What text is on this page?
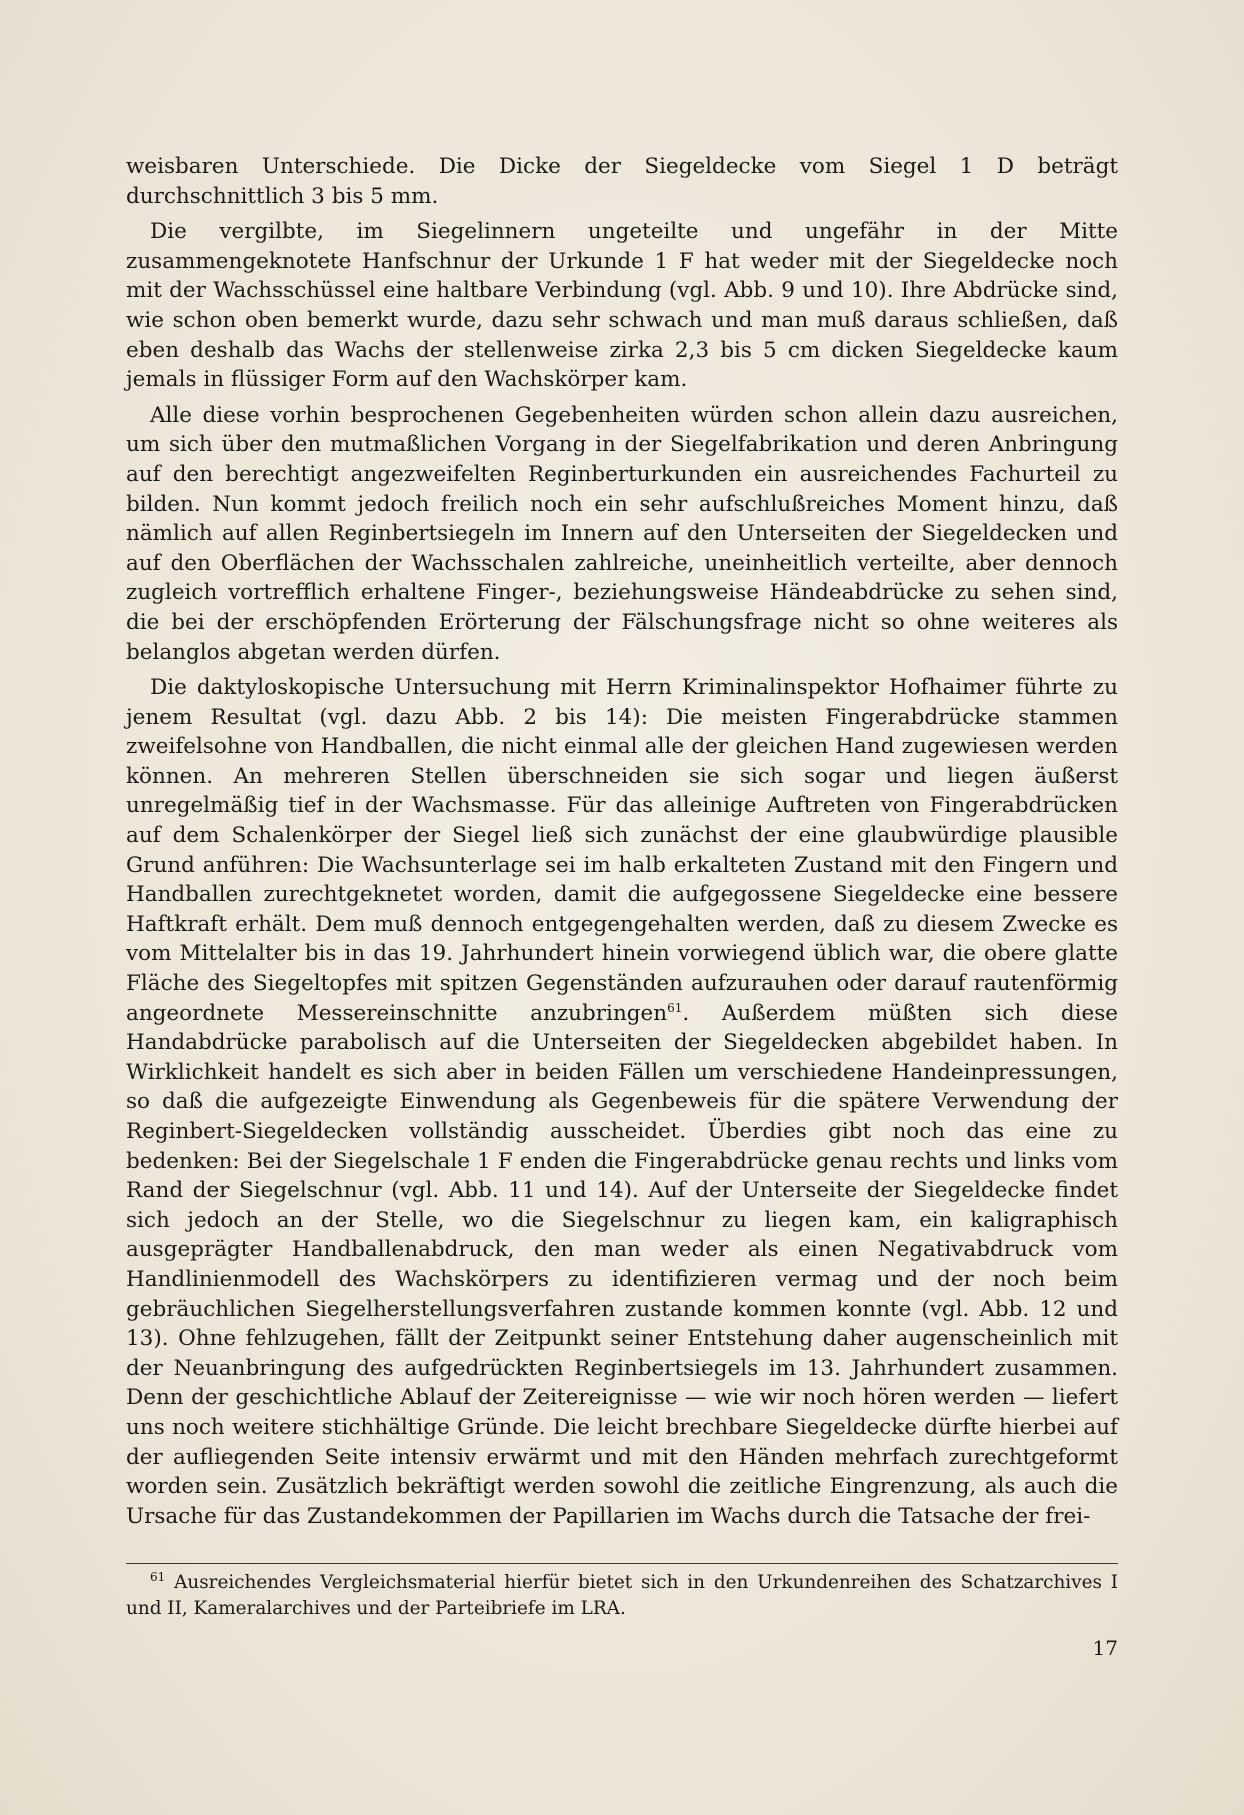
weisbaren Unterschiede. Die Dicke der Siegeldecke vom Siegel 1 D beträgt durchschnittlich 3 bis 5 mm.

Die vergilbte, im Siegelinnern ungeteilte und ungefähr in der Mitte zusammengeknotete Hanfschnur der Urkunde 1 F hat weder mit der Siegeldecke noch mit der Wachsschüssel eine haltbare Verbindung (vgl. Abb. 9 und 10). Ihre Abdrücke sind, wie schon oben bemerkt wurde, dazu sehr schwach und man muß daraus schließen, daß eben deshalb das Wachs der stellenweise zirka 2,3 bis 5 cm dicken Siegeldecke kaum jemals in flüssiger Form auf den Wachskörper kam.

Alle diese vorhin besprochenen Gegebenheiten würden schon allein dazu ausreichen, um sich über den mutmaßlichen Vorgang in der Siegelfabrikation und deren Anbringung auf den berechtigt angezweifelten Reginberturkunden ein ausreichendes Fachurteil zu bilden. Nun kommt jedoch freilich noch ein sehr aufschlußreiches Moment hinzu, daß nämlich auf allen Reginbertsiegeln im Innern auf den Unterseiten der Siegeldecken und auf den Oberflächen der Wachsschalen zahlreiche, uneinheitlich verteilte, aber dennoch zugleich vortrefflich erhaltene Finger-, beziehungsweise Händeabdrücke zu sehen sind, die bei der erschöpfenden Erörterung der Fälschungsfrage nicht so ohne weiteres als belanglos abgetan werden dürfen.

Die daktyloskopische Untersuchung mit Herrn Kriminalinspektor Hofhaimer führte zu jenem Resultat (vgl. dazu Abb. 2 bis 14): Die meisten Fingerabdrücke stammen zweifelsohne von Handballen, die nicht einmal alle der gleichen Hand zugewiesen werden können. An mehreren Stellen überschneiden sie sich sogar und liegen äußerst unregelmäßig tief in der Wachsmasse. Für das alleinige Auftreten von Fingerabdrücken auf dem Schalenkörper der Siegel ließ sich zunächst der eine glaubwürdige plausible Grund anführen: Die Wachsunterlage sei im halb erkalteten Zustand mit den Fingern und Handballen zurechtgeknetet worden, damit die aufgegossene Siegeldecke eine bessere Haftkraft erhält. Dem muß dennoch entgegengehalten werden, daß zu diesem Zwecke es vom Mittelalter bis in das 19. Jahrhundert hinein vorwiegend üblich war, die obere glatte Fläche des Siegeltopfes mit spitzen Gegenständen aufzurauhen oder darauf rautenförmig angeordnete Messereinschnitte anzubringen$^{61}$. Außerdem müßten sich diese Handabdrücke parabolisch auf die Unterseiten der Siegeldecken abgebildet haben. In Wirklichkeit handelt es sich aber in beiden Fällen um verschiedene Handeinpressungen, so daß die aufgezeigte Einwendung als Gegenbeweis für die spätere Verwendung der Reginbert-Siegeldecken vollständig ausscheidet. Überdies gibt noch das eine zu bedenken: Bei der Siegelschale 1 F enden die Fingerabdrücke genau rechts und links vom Rand der Siegelschnur (vgl. Abb. 11 und 14). Auf der Unterseite der Siegeldecke findet sich jedoch an der Stelle, wo die Siegelschnur zu liegen kam, ein kaligraphisch ausgeprägter Handballenabdruck, den man weder als einen Negativabdruck vom Handlinienmodell des Wachskörpers zu identifizieren vermag und der noch beim gebräuchlichen Siegelherstellungsverfahren zustande kommen konnte (vgl. Abb. 12 und 13). Ohne fehlzugehen, fällt der Zeitpunkt seiner Entstehung daher augenscheinlich mit der Neuanbringung des aufgedrückten Reginbertsiegels im 13. Jahrhundert zusammen. Denn der geschichtliche Ablauf der Zeitereignisse — wie wir noch hören werden — liefert uns noch weitere stichhältige Gründe. Die leicht brechbare Siegeldecke dürfte hierbei auf der aufliegenden Seite intensiv erwärmt und mit den Händen mehrfach zurechtgeformt worden sein. Zusätzlich bekräftigt werden sowohl die zeitliche Eingrenzung, als auch die Ursache für das Zustandekommen der Papillarien im Wachs durch die Tatsache der frei-

$^{61}$ Ausreichendes Vergleichsmaterial hierfür bietet sich in den Urkundenreihen des Schatzarchives I und II, Kameralarchives und der Parteibriefe im LRA.
17
